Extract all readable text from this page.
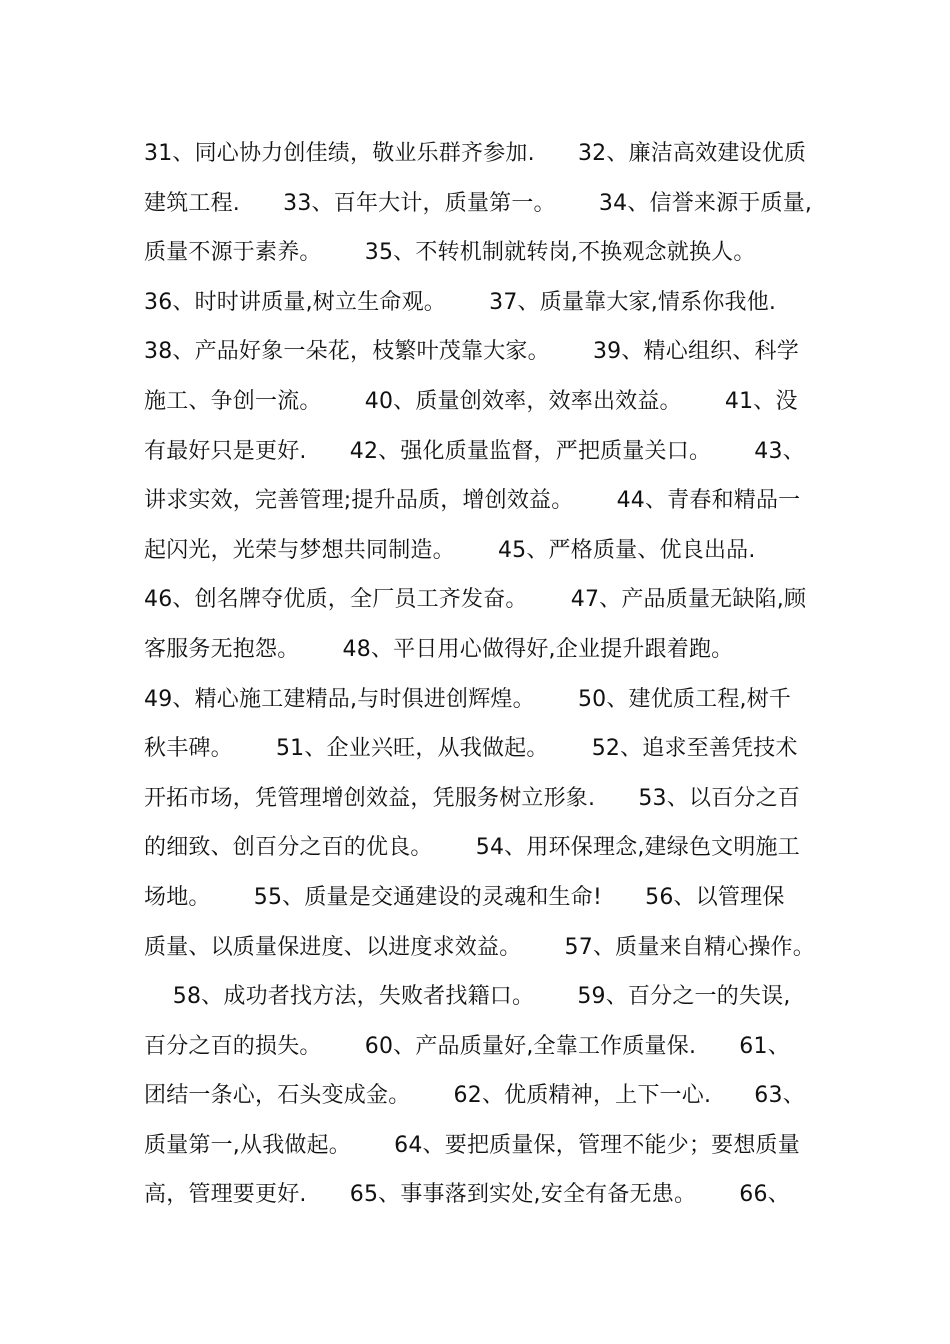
31、同心协力创佳绩，敬业乐群齐参加.      32、廉洁高效建设优质
建筑工程.      33、百年大计，质量第一。      34、信誉来源于质量,
质量不源于素养。      35、不转机制就转岗,不换观念就换人。
36、时时讲质量,树立生命观。      37、质量靠大家,情系你我他.
38、产品好象一朵花，枝繁叶茂靠大家。      39、精心组织、科学
施工、争创一流。      40、质量创效率，效率出效益。      41、没
有最好只是更好.      42、强化质量监督，严把质量关口。      43、
讲求实效，完善管理;提升品质，增创效益。      44、青春和精品一
起闪光，光荣与梦想共同制造。      45、严格质量、优良出品.
46、创名牌夺优质，全厂员工齐发奋。      47、产品质量无缺陷,顾
客服务无抱怨。      48、平日用心做得好,企业提升跟着跑。
49、精心施工建精品,与时俱进创辉煌。      50、建优质工程,树千
秋丰碑。      51、企业兴旺，从我做起。      52、追求至善凭技术
开拓市场，凭管理增创效益，凭服务树立形象.      53、以百分之百
的细致、创百分之百的优良。      54、用环保理念,建绿色文明施工
场地。      55、质量是交通建设的灵魂和生命!      56、以管理保
质量、以质量保进度、以进度求效益。      57、质量来自精心操作。
58、成功者找方法，失败者找籍口。      59、百分之一的失误,
百分之百的损失。      60、产品质量好,全靠工作质量保.      61、
团结一条心，石头变成金。      62、优质精神，上下一心.      63、
质量第一,从我做起。      64、要把质量保，管理不能少；要想质量
高，管理要更好.      65、事事落到实处,安全有备无患。      66、
